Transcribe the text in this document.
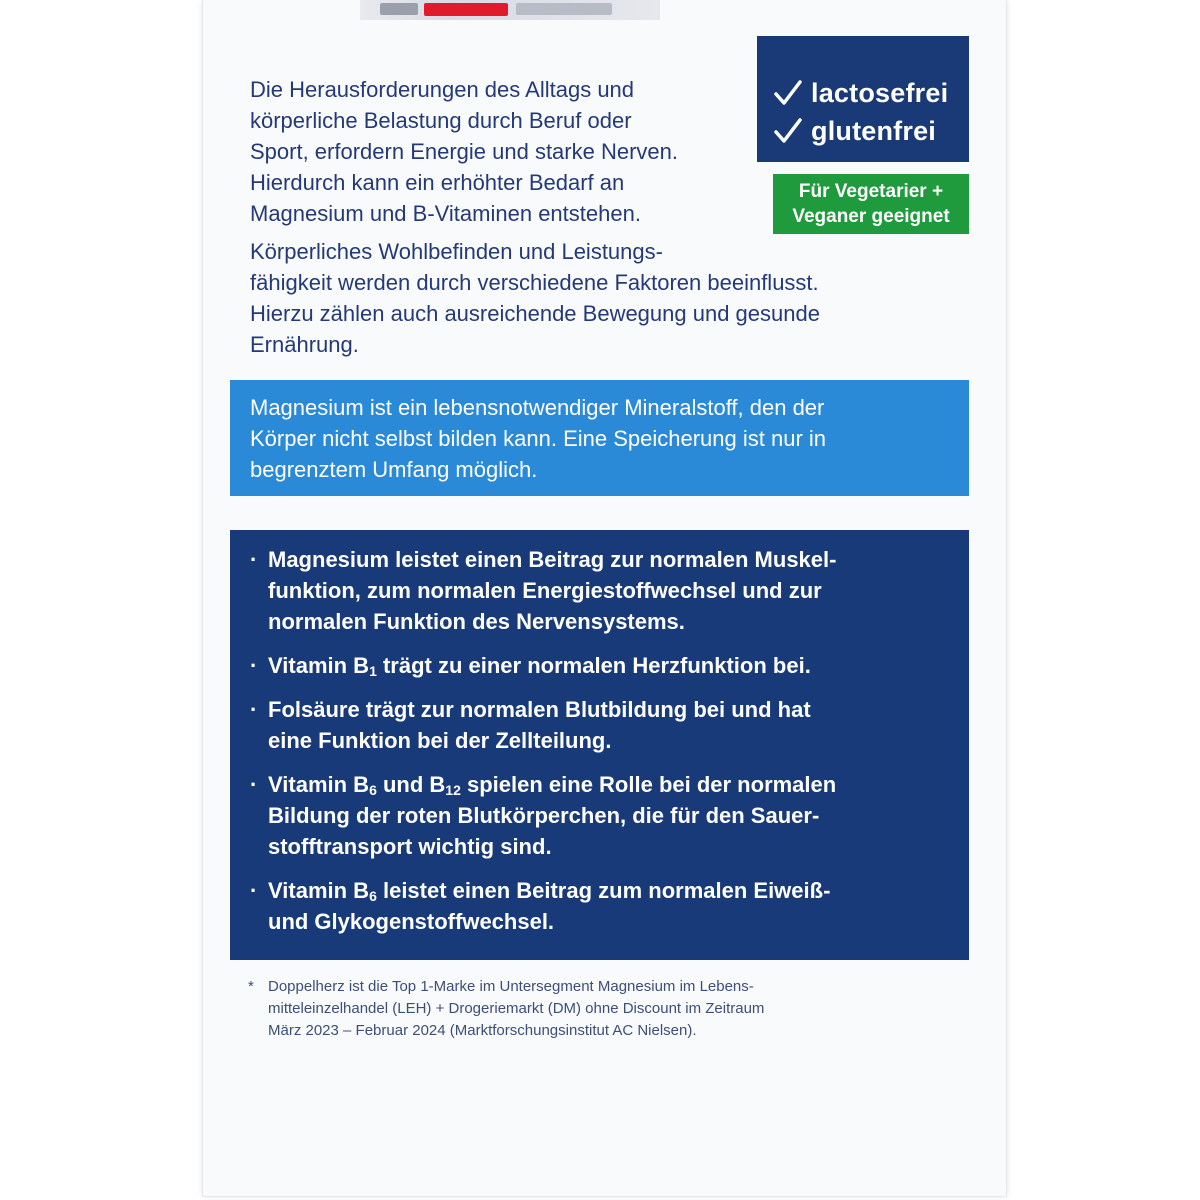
Die Herausforderungen des Alltags und
körperliche Belastung durch Beruf oder
Sport, erfordern Energie und starke Nerven.
Hierdurch kann ein erhöhter Bedarf an
Magnesium und B-Vitaminen entstehen.

Körperliches Wohlbefinden und Leistungs-
fähigkeit werden durch verschiedene Faktoren beeinflusst.
Hierzu zählen auch ausreichende Bewegung und gesunde
Ernährung.

lactosefrei
glutenfrei
Für Vegetarier +
Veganer geeignet

Magnesium ist ein lebensnotwendiger Mineralstoff, den der

Körper nicht selbst bilden kann. Eine Speicherung ist nur in

begrenztem Umfang möglich.

· Magnesium leistet einen Beitrag zur normalen Muskel-
funktion, zum normalen Energiestoffwechsel und zur
normalen Funktion des Nervensystems.
· Vitamin $B_1$ trägt zu einer normalen Herzfunktion bei.
· Folsäure trägt zur normalen Blutbildung bei und hat
eine Funktion bei der Zellteilung.
· Vitamin $B_6$ und $B_{12}$ spielen eine Rolle bei der normalen
Bildung der roten Blutkörperchen, die für den Sauer-
stofftransport wichtig sind.
· Vitamin $B_6$ leistet einen Beitrag zum normalen Eiweiß-
und Glykogenstoffwechsel.
* Doppelherz ist die Top 1-Marke im Untersegment Magnesium im Lebens-
mitteleinzelhandel (LEH) + Drogeriemarkt (DM) ohne Discount im Zeitraum
März 2023 – Februar 2024 (Marktforschungsinstitut AC Nielsen).
